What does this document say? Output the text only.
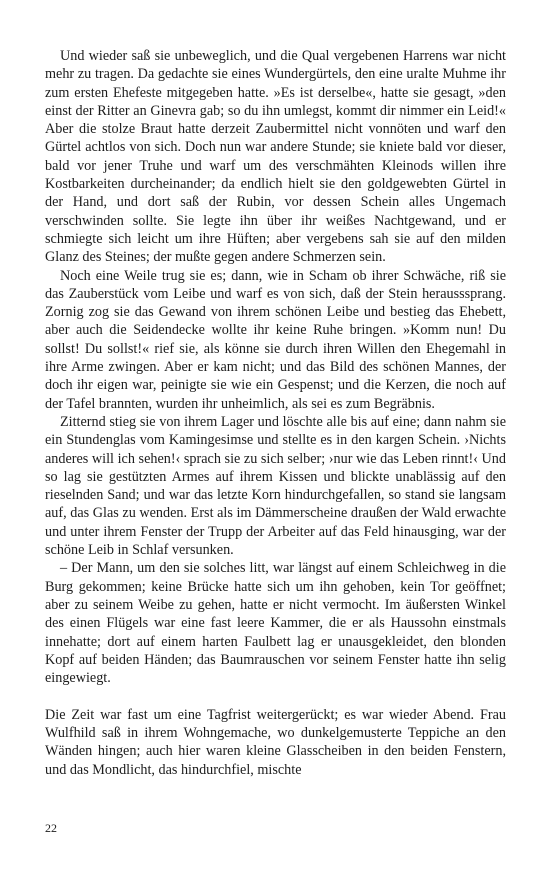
Und wieder saß sie unbeweglich, und die Qual vergebenen Harrens war nicht mehr zu tragen. Da gedachte sie eines Wundergürtels, den eine uralte Muhme ihr zum ersten Ehefeste mitgegeben hatte. »Es ist derselbe«, hatte sie gesagt, »den einst der Ritter an Ginevra gab; so du ihn umlegst, kommt dir nimmer ein Leid!« Aber die stolze Braut hatte derzeit Zaubermittel nicht vonnöten und warf den Gürtel achtlos von sich. Doch nun war andere Stunde; sie kniete bald vor dieser, bald vor jener Truhe und warf um des verschmähten Kleinods willen ihre Kostbarkeiten durcheinander; da endlich hielt sie den goldgewebten Gürtel in der Hand, und dort saß der Rubin, vor dessen Schein alles Ungemach verschwinden sollte. Sie legte ihn über ihr weißes Nachtgewand, und er schmiegte sich leicht um ihre Hüften; aber vergebens sah sie auf den milden Glanz des Steines; der mußte gegen andere Schmerzen sein.

Noch eine Weile trug sie es; dann, wie in Scham ob ihrer Schwäche, riß sie das Zauberstück vom Leibe und warf es von sich, daß der Stein herausssprang. Zornig zog sie das Gewand von ihrem schönen Leibe und bestieg das Ehebett, aber auch die Seidendecke wollte ihr keine Ruhe bringen. »Komm nun! Du sollst! Du sollst!« rief sie, als könne sie durch ihren Willen den Ehegemahl in ihre Arme zwingen. Aber er kam nicht; und das Bild des schönen Mannes, der doch ihr eigen war, peinigte sie wie ein Gespenst; und die Kerzen, die noch auf der Tafel brannten, wurden ihr unheimlich, als sei es zum Begräbnis.

Zitternd stieg sie von ihrem Lager und löschte alle bis auf eine; dann nahm sie ein Stundenglas vom Kamingesimse und stellte es in den kargen Schein. ›Nichts anderes will ich sehen!‹ sprach sie zu sich selber; ›nur wie das Leben rinnt!‹ Und so lag sie gestützten Armes auf ihrem Kissen und blickte unablässig auf den rieselnden Sand; und war das letzte Korn hindurchgefallen, so stand sie langsam auf, das Glas zu wenden. Erst als im Dämmerscheine draußen der Wald erwachte und unter ihrem Fenster der Trupp der Arbeiter auf das Feld hinausging, war der schöne Leib in Schlaf versunken.

– Der Mann, um den sie solches litt, war längst auf einem Schleichweg in die Burg gekommen; keine Brücke hatte sich um ihn gehoben, kein Tor geöffnet; aber zu seinem Weibe zu gehen, hatte er nicht vermocht. Im äußersten Winkel des einen Flügels war eine fast leere Kammer, die er als Haussohn einstmals innehatte; dort auf einem harten Faulbett lag er unausgekleidet, den blonden Kopf auf beiden Händen; das Baumrauschen vor seinem Fenster hatte ihn selig eingewiegt.

Die Zeit war fast um eine Tagfrist weitergerückt; es war wieder Abend. Frau Wulfhild saß in ihrem Wohngemache, wo dunkelgemusterte Teppiche an den Wänden hingen; auch hier waren kleine Glasscheiben in den beiden Fenstern, und das Mondlicht, das hindurchfiel, mischte

22
